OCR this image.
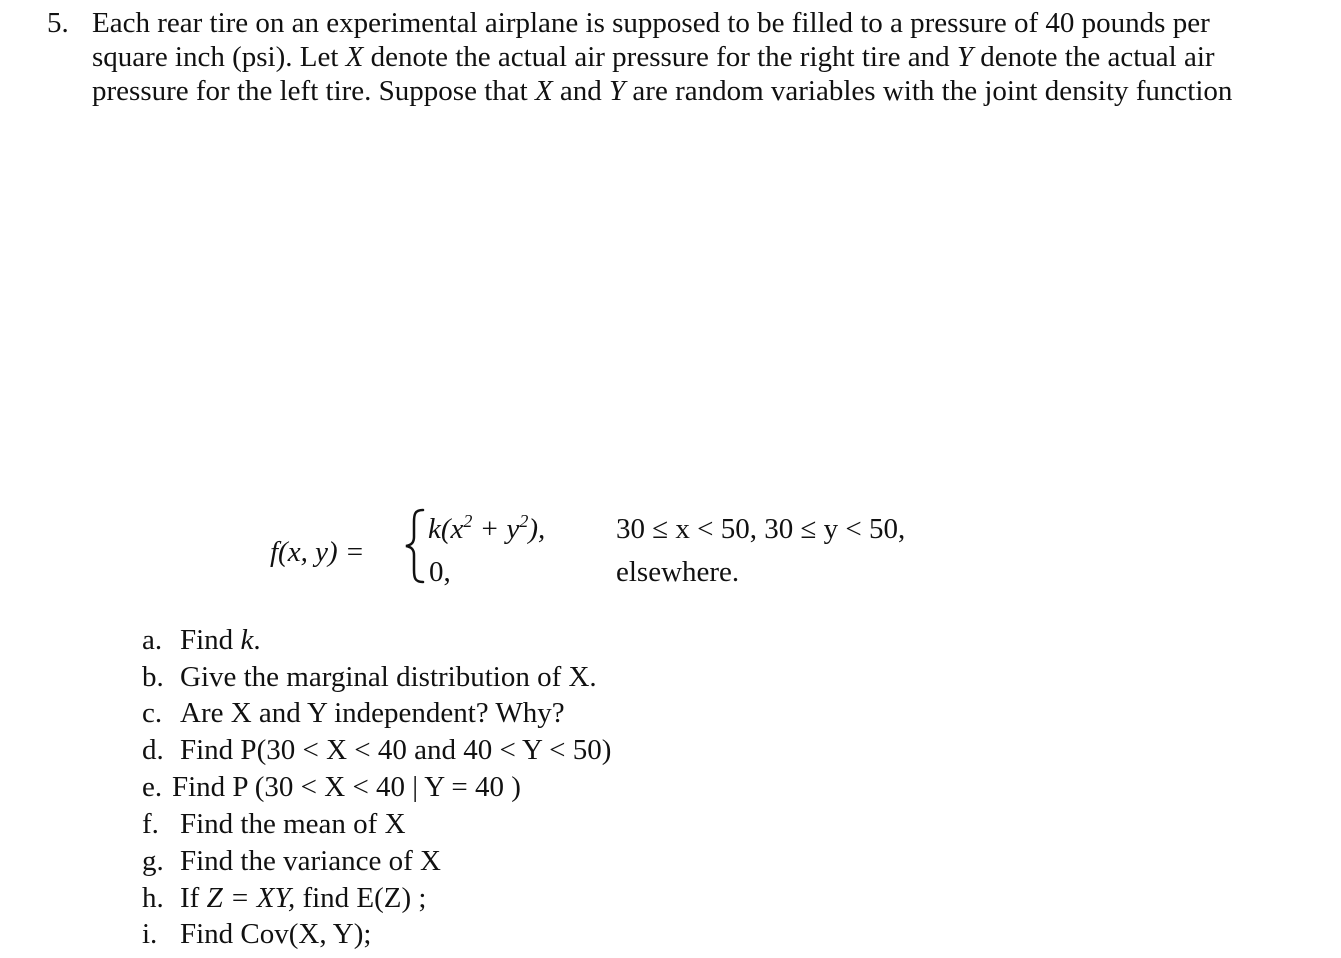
5. Each rear tire on an experimental airplane is supposed to be filled to a pressure of 40 pounds per square inch (psi). Let X denote the actual air pressure for the right tire and Y denote the actual air pressure for the left tire. Suppose that X and Y are random variables with the joint density function
f(x, y) =
$k(x^2 + y^2)$, 30 ≤ x < 50, 30 ≤ y < 50,
0,	elsewhere.
a. Find k.
b. Give the marginal distribution of X.
c. Are X and Y independent? Why?
d. Find P(30 < X < 40 and 40 < Y < 50)
e. Find P (30 < X < 40 | Y = 40 )
f. Find the mean of X
g. Find the variance of X
h. If Z = XY, find E(Z) ;
i. Find Cov(X, Y);
